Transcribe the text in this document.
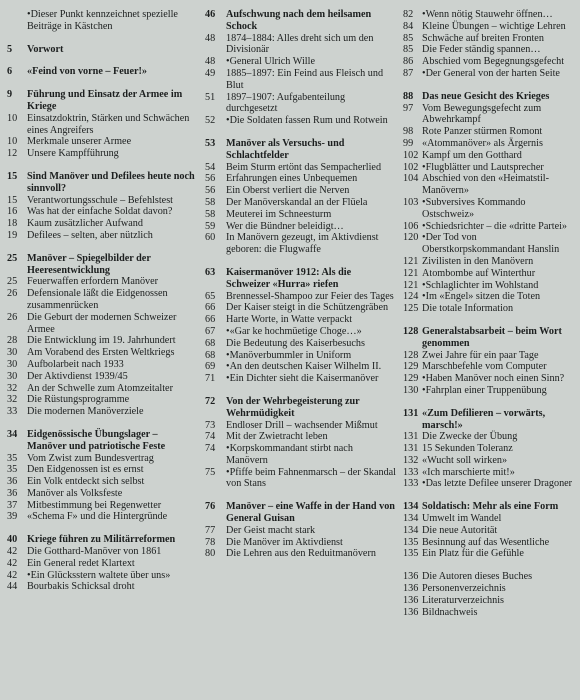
•Dieser Punkt kennzeichnet spezielle Beiträge in Kästchen
5	Vorwort
6	«Feind von vorne – Feuer!»
9	Führung und Einsatz der Armee im Kriege
10 Einsatzdoktrin, Stärken und Schwächen eines Angreifers
10 Merkmale unserer Armee
12 Unsere Kampfführung
15 Sind Manöver und Defilees heute noch sinnvoll?
15 Verantwortungsschule – Befehlstest
16 Was hat der einfache Soldat davon?
18 Kaum zusätzlicher Aufwand
19 Defilees – selten, aber nützlich
25 Manöver – Spiegelbilder der Heeresentwicklung
25 Feuerwaffen erfordern Manöver
26 Defensionale läßt die Eidgenossen zusammenrücken
26 Die Geburt der modernen Schweizer Armee
28 Die Entwicklung im 19. Jahrhundert
30 Am Vorabend des Ersten Weltkriegs
30 Aufbolarbeit nach 1933
30 Der Aktivdienst 1939/45
32 An der Schwelle zum Atomzeitalter
32 Die Rüstungsprogramme
33 Die modernen Manöverziele
34 Eidgenössische Übungslager – Manöver und patriotische Feste
35 Vom Zwist zum Bundesvertrag
35 Den Eidgenossen ist es ernst
36 Ein Volk entdeckt sich selbst
36 Manöver als Volksfeste
37 Mitbestimmung bei Regenwetter
39 «Schema F» und die Hintergründe
40 Kriege führen zu Militärreformen
42 Die Gotthard-Manöver von 1861
42 Ein General redet Klartext
42 •Ein Glücksstern waltete über uns»
44 Bourbakis Schicksal droht
46	Aufschwung nach dem heilsamen Schock
48	1874–1884: Alles dreht sich um den Divisionär
48	•General Ulrich Wille
49	1885–1897: Ein Feind aus Fleisch und Blut
51	1897–1907: Aufgabenteilung durchgesetzt
52	•Die Soldaten fassen Rum und Rotwein
53	Manöver als Versuchs- und Schlachtfelder
54	Beim Sturm ertönt das Sempacherlied
56	Erfahrungen eines Unbequemen
56	Ein Oberst verliert die Nerven
58	Der Manöverskandal an der Flüela
58	Meuterei im Schneesturm
59	Wer die Bündner beleidigt…
60	In Manövern gezeugt, im Aktivdienst geboren: die Flugwaffe
63	Kaisermanöver 1912: Als die Schweizer «Hurra» riefen
65	Brennessel-Shampoo zur Feier des Tages
66	Der Kaiser steigt in die Schützengräben
66	Harte Worte, in Watte verpackt
67	•«Gar ke hochmüetige Choge…»
68	Die Bedeutung des Kaiserbesuchs
68	•Manöverbummler in Uniform
69	•An den deutschen Kaiser Wilhelm II.
71	•Ein Dichter sieht die Kaisermanöver
72	Von der Wehrbegeisterung zur Wehrmüdigkeit
73	Endloser Drill – wachsender Mißmut
74	Mit der Zwietracht leben
74	•Korpskommandant stirbt nach Manövern
75	•Pfiffe beim Fahnenmarsch – der Skandal von Stans
76	Manöver – eine Waffe in der Hand von General Guisan
77	Der Geist macht stark
78	Die Manöver im Aktivdienst
80	Die Lehren aus den Reduitmanövern
82 •Wenn nötig Stauwehr öffnen…
84 Kleine Übungen – wichtige Lehren
85 Schwäche auf breiten Fronten
85 Die Feder ständig spannen…
86 Abschied vom Begegnungsgefecht
87 •Der General von der harten Seite
88 Das neue Gesicht des Krieges
97 Vom Bewegungsgefecht zum Abwehrkampf
98 Rote Panzer stürmen Romont
99 «Atommanöver» als Ärgernis
102 Kampf um den Gotthard
102 •Flugblätter und Lautsprecher
104 Abschied von den «Heimatstil-Manövern»
103 •Subversives Kommando Ostschweiz»
106 •Schiedsrichter – die «dritte Partei»
120 •Der Tod von Oberstkorpskommandant Hanslin
121 Zivilisten in den Manövern
121 Atombombe auf Winterthur
121 •Schlaglichter im Wohlstand
124 •Im «Engel» sitzen die Toten
125 Die totale Information
128 Generalstabsarbeit – beim Wort genommen
128 Zwei Jahre für ein paar Tage
129 Marschbefehle vom Computer
129 •Haben Manöver noch einen Sinn?
130 •Fahrplan einer Truppenübung
131 «Zum Defilieren – vorwärts, marsch!»
131 Die Zwecke der Übung
131 15 Sekunden Toleranz
132 «Wucht soll wirken»
133 «Ich marschierte mit!»
133 •Das letzte Defilee unserer Dragoner
134 Soldatisch: Mehr als eine Form
134 Umwelt im Wandel
134 Die neue Autorität
135 Besinnung auf das Wesentliche
135 Ein Platz für die Gefühle
136 Die Autoren dieses Buches
136 Personenverzeichnis
136 Literaturverzeichnis
136 Bildnachweis
